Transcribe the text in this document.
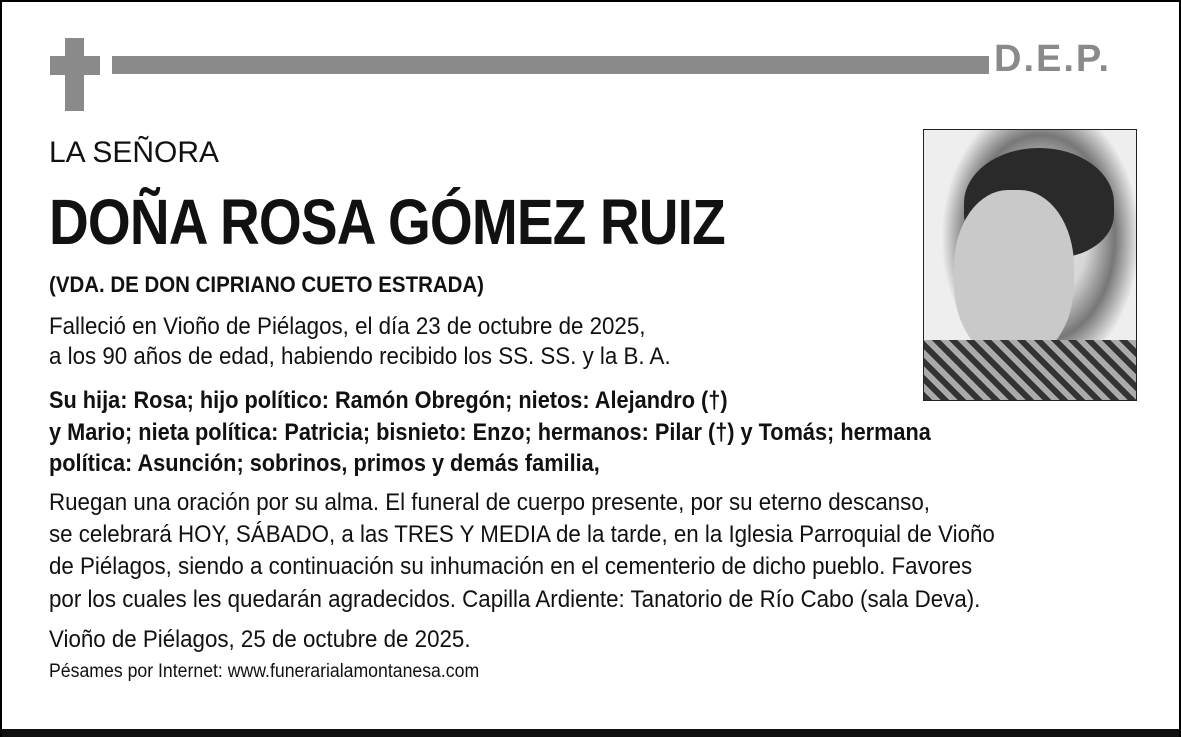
D.E.P.
LA SEÑORA
DOÑA ROSA GÓMEZ RUIZ
(VDA. DE DON CIPRIANO CUETO ESTRADA)
Falleció en Vioño de Piélagos, el día 23 de octubre de 2025,
a los 90 años de edad, habiendo recibido los SS. SS. y la B. A.
Su hija: Rosa; hijo político: Ramón Obregón; nietos: Alejandro (†)
y Mario; nieta política: Patricia; bisnieto: Enzo; hermanos: Pilar (†) y Tomás; hermana
política: Asunción; sobrinos, primos y demás familia,
Ruegan una oración por su alma. El funeral de cuerpo presente, por su eterno descanso,
se celebrará HOY, SÁBADO, a las TRES Y MEDIA de la tarde, en la Iglesia Parroquial de Vioño
de Piélagos, siendo a continuación su inhumación en el cementerio de dicho pueblo. Favores
por los cuales les quedarán agradecidos. Capilla Ardiente: Tanatorio de Río Cabo (sala Deva).
Vioño de Piélagos, 25 de octubre de 2025.
Pésames por Internet: www.funerarialamontanesa.com
